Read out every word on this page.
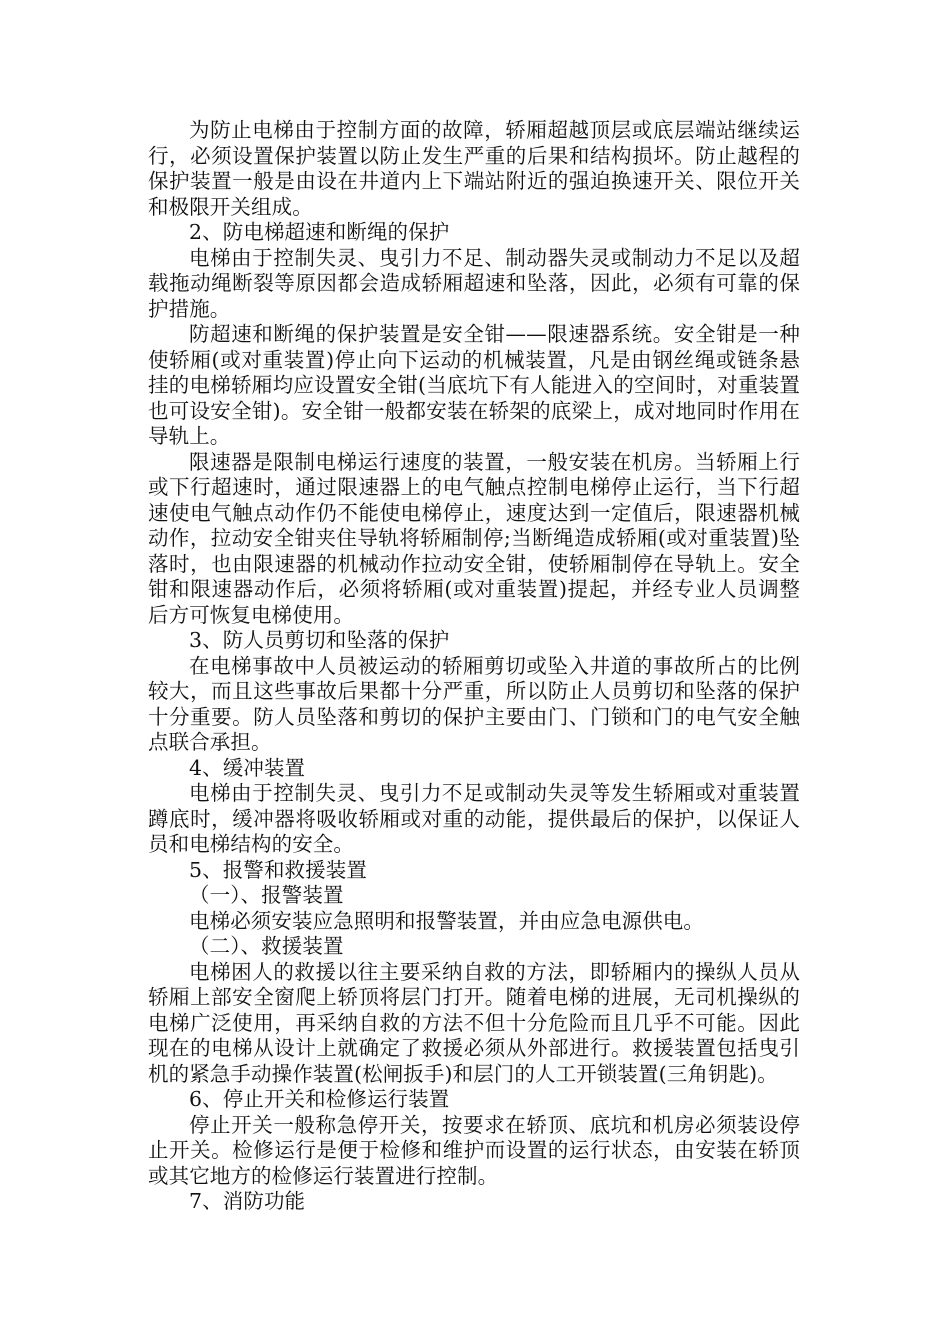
为防止电梯由于控制方面的故障，轿厢超越顶层或底层端站继续运行，必须设置保护装置以防止发生严重的后果和结构损坏。防止越程的保护装置一般是由设在井道内上下端站附近的强迫换速开关、限位开关和极限开关组成。

2、防电梯超速和断绳的保护

电梯由于控制失灵、曳引力不足、制动器失灵或制动力不足以及超载拖动绳断裂等原因都会造成轿厢超速和坠落，因此，必须有可靠的保护措施。

防超速和断绳的保护装置是安全钳——限速器系统。安全钳是一种使轿厢(或对重装置)停止向下运动的机械装置，凡是由钢丝绳或链条悬挂的电梯轿厢均应设置安全钳(当底坑下有人能进入的空间时，对重装置也可设安全钳)。安全钳一般都安装在轿架的底梁上，成对地同时作用在导轨上。

限速器是限制电梯运行速度的装置，一般安装在机房。当轿厢上行或下行超速时，通过限速器上的电气触点控制电梯停止运行，当下行超速使电气触点动作仍不能使电梯停止，速度达到一定值后，限速器机械动作，拉动安全钳夹住导轨将轿厢制停;当断绳造成轿厢(或对重装置)坠落时，也由限速器的机械动作拉动安全钳，使轿厢制停在导轨上。安全钳和限速器动作后，必须将轿厢(或对重装置)提起，并经专业人员调整后方可恢复电梯使用。

3、防人员剪切和坠落的保护

在电梯事故中人员被运动的轿厢剪切或坠入井道的事故所占的比例较大，而且这些事故后果都十分严重，所以防止人员剪切和坠落的保护十分重要。防人员坠落和剪切的保护主要由门、门锁和门的电气安全触点联合承担。

4、缓冲装置

电梯由于控制失灵、曳引力不足或制动失灵等发生轿厢或对重装置蹲底时，缓冲器将吸收轿厢或对重的动能，提供最后的保护，以保证人员和电梯结构的安全。

5、报警和救援装置

（一）、报警装置

电梯必须安装应急照明和报警装置，并由应急电源供电。

（二）、救援装置

电梯困人的救援以往主要采纳自救的方法，即轿厢内的操纵人员从轿厢上部安全窗爬上轿顶将层门打开。随着电梯的进展，无司机操纵的电梯广泛使用，再采纳自救的方法不但十分危险而且几乎不可能。因此现在的电梯从设计上就确定了救援必须从外部进行。救援装置包括曳引机的紧急手动操作装置(松闸扳手)和层门的人工开锁装置(三角钥匙)。

6、停止开关和检修运行装置

停止开关一般称急停开关，按要求在轿顶、底坑和机房必须装设停止开关。检修运行是便于检修和维护而设置的运行状态，由安装在轿顶或其它地方的检修运行装置进行控制。

7、消防功能
